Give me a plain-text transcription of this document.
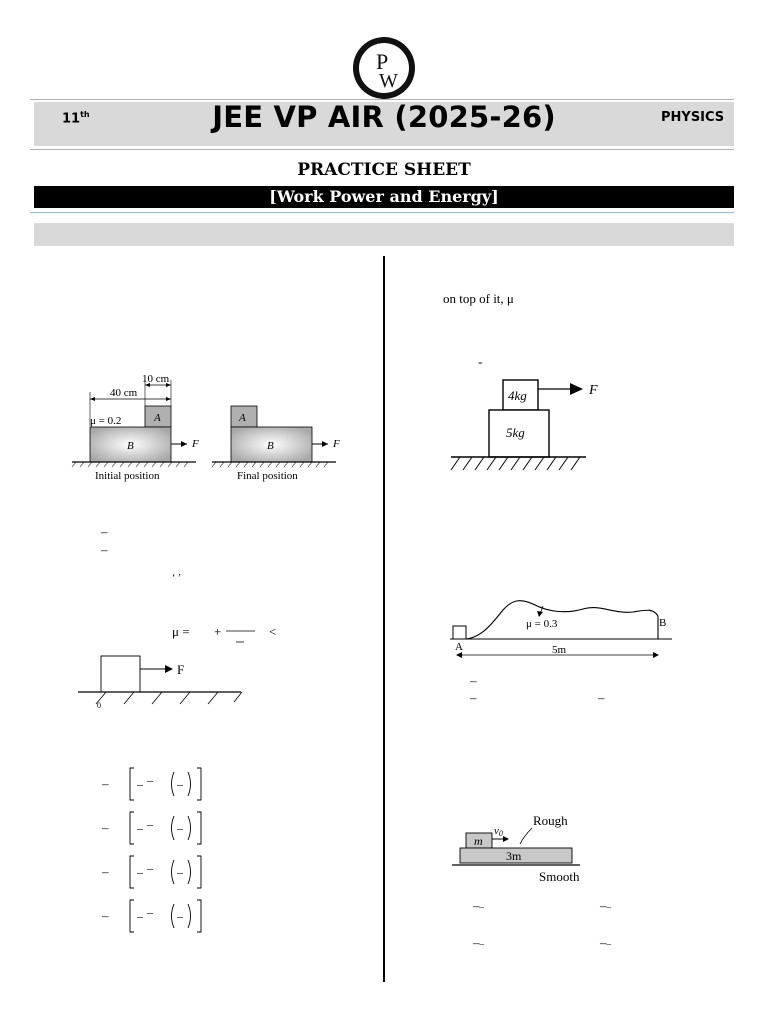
P
W
11th	JEE VP AIR (2025-26)	PHYSICS
PRACTICE SHEET
[Work Power and Energy]
10 cm
40 cm
μ = 0.2	A
B	F
Initial position
A
B	F
Final position
–
–
‘ ’
μ = +	<
F
0
– – – –
– – – –
– – – –
– – – –
on top of it, μ
-
4kg
5kg
F
μ = 0.3
A
B
5m
–
–	–
Rough
m
v0
3m
Smooth
––	––
––	––
